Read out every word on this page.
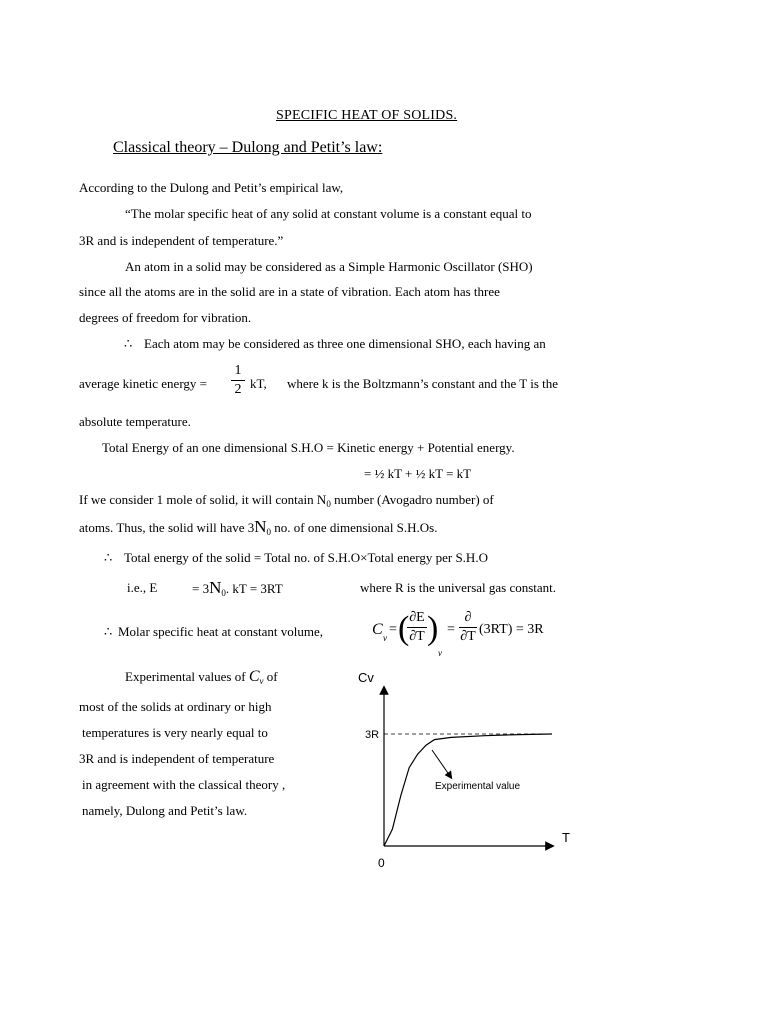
SPECIFIC HEAT OF SOLIDS.
Classical theory – Dulong and Petit’s law:
According to the Dulong and Petit’s empirical law,
“The molar specific heat of any solid at constant volume is a constant equal to
3R and is independent of temperature.”
An atom in a solid may be considered as a Simple Harmonic Oscillator (SHO)
since all the atoms are in the solid are in a state of vibration. Each atom has three
degrees of freedom for vibration.
∴ Each atom may be considered as three one dimensional SHO, each having an
average kinetic energy =
1
2 kT, where k is the Boltzmann’s constant and the T is the
absolute temperature.
Total Energy of an one dimensional S.H.O = Kinetic energy + Potential energy.
= ½ kT + ½ kT = kT
If we consider 1 mole of solid, it will contain $N_0$ number (Avogadro number) of
atoms. Thus, the solid will have $3N_0$ no. of one dimensional S.H.Os.
∴ Total energy of the solid = Total no. of S.H.O×Total energy per S.H.O
i.e., E	= $3N_0$. kT = 3RT	where R is the universal gas constant.
∴ Molar specific heat at constant volume,	C v
= ( ∂E
∂T )
v
=
∂
∂T (3RT) = 3R
Experimental values of $C_v$ of
most of the solids at ordinary or high
temperatures is very nearly equal to
3R and is independent of temperature
in agreement with the classical theory ,
namely, Dulong and Petit’s law.
Cv
T
0
3R
Experimental value
